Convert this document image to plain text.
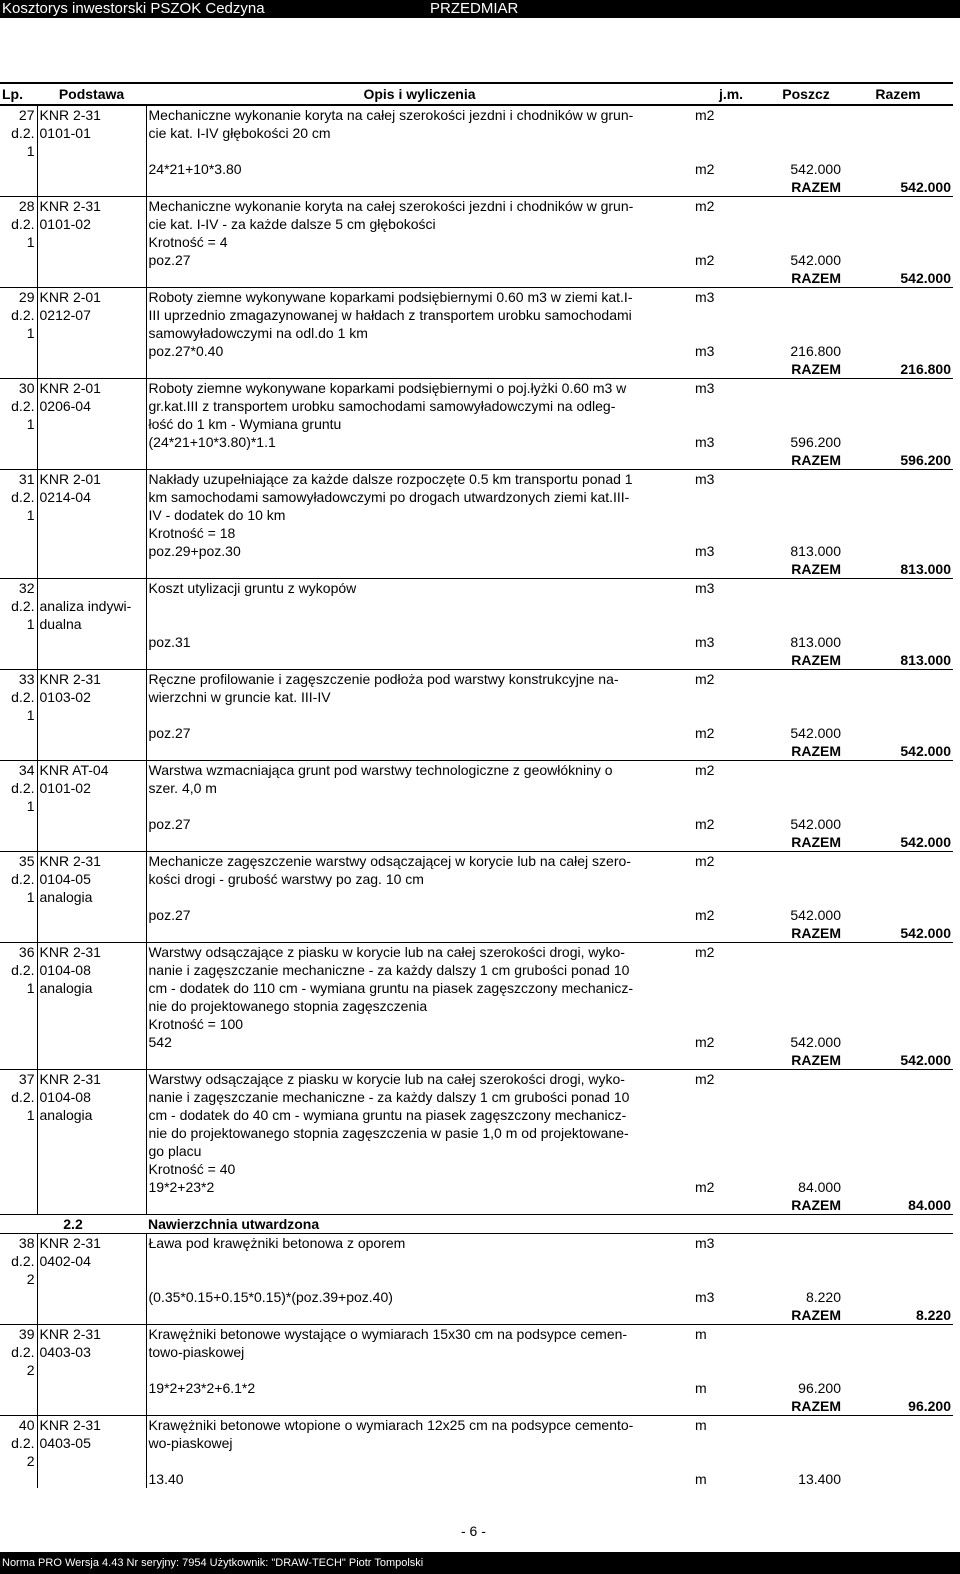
Kosztorys inwestorski PSZOK Cedzyna	PRZEDMIAR
Lp.	Podstawa	Opis i wyliczenia	j.m.	Poszcz	Razem
27	KNR 2-31	Mechaniczne wykonanie koryta na całej szerokości jezdni i chodników w grun-	m2		
d.2.	0101-01	cie kat. I-IV głębokości 20 cm			
1					
		24*21+10*3.80	m2	542.000	
				RAZEM	542.000
28	KNR 2-31	Mechaniczne wykonanie koryta na całej szerokości jezdni i chodników w grun-	m2		
d.2.	0101-02	cie kat. I-IV - za każde dalsze 5 cm głębokości			
1		Krotność = 4			
		poz.27	m2	542.000	
				RAZEM	542.000
29	KNR 2-01	Roboty ziemne wykonywane koparkami podsiębiernymi 0.60 m3 w ziemi kat.I-	m3		
d.2.	0212-07	III uprzednio zmagazynowanej w hałdach z transportem urobku samochodami			
1		samowyładowczymi na odl.do 1 km			
		poz.27*0.40	m3	216.800	
				RAZEM	216.800
30	KNR 2-01	Roboty ziemne wykonywane koparkami podsiębiernymi o poj.łyżki 0.60 m3 w	m3		
d.2.	0206-04	gr.kat.III z transportem urobku samochodami samowyładowczymi na odleg-			
1		łość do 1 km - Wymiana gruntu			
		(24*21+10*3.80)*1.1	m3	596.200	
				RAZEM	596.200
31	KNR 2-01	Nakłady uzupełniające za każde dalsze rozpoczęte 0.5 km transportu ponad 1	m3		
d.2.	0214-04	km samochodami samowyładowczymi po drogach utwardzonych ziemi kat.III-			
1		IV - dodatek do 10 km			
		Krotność = 18			
		poz.29+poz.30	m3	813.000	
				RAZEM	813.000
32		Koszt utylizacji gruntu z wykopów	m3		
d.2.	analiza indywi-				
1	dualna				
		poz.31	m3	813.000	
				RAZEM	813.000
33	KNR 2-31	Ręczne profilowanie i zagęszczenie podłoża pod warstwy konstrukcyjne na-	m2		
d.2.	0103-02	wierzchni w gruncie kat. III-IV			
1					
		poz.27	m2	542.000	
				RAZEM	542.000
34	KNR AT-04	Warstwa wzmacniająca grunt pod warstwy technologiczne z geowłókniny o	m2		
d.2.	0101-02	szer. 4,0 m			
1					
		poz.27	m2	542.000	
				RAZEM	542.000
35	KNR 2-31	Mechanicze zagęszczenie warstwy odsączającej w korycie lub na całej szero-	m2		
d.2.	0104-05	kości drogi - grubość warstwy po zag. 10 cm			
1	analogia				
		poz.27	m2	542.000	
				RAZEM	542.000
36	KNR 2-31	Warstwy odsączające z piasku w korycie lub na całej szerokości drogi, wyko-	m2		
d.2.	0104-08	nanie i zagęszczanie mechaniczne - za każdy dalszy 1 cm grubości ponad 10			
1	analogia	cm - dodatek do 110 cm - wymiana gruntu na piasek zagęszczony mechanicz-			
		nie do projektowanego stopnia zagęszczenia			
		Krotność = 100			
		542	m2	542.000	
				RAZEM	542.000
37	KNR 2-31	Warstwy odsączające z piasku w korycie lub na całej szerokości drogi, wyko-	m2		
d.2.	0104-08	nanie i zagęszczanie mechaniczne - za każdy dalszy 1 cm grubości ponad 10			
1	analogia	cm - dodatek do 40 cm - wymiana gruntu na piasek zagęszczony mechanicz-			
		nie do projektowanego stopnia zagęszczenia w pasie 1,0 m od projektowane-			
		go placu			
		Krotność = 40			
		19*2+23*2	m2	84.000	
				RAZEM	84.000
2.2		Nawierzchnia utwardzona			
38	KNR 2-31	Ława pod krawężniki betonowa z oporem	m3		
d.2.	0402-04				
2					
		(0.35*0.15+0.15*0.15)*(poz.39+poz.40)	m3	8.220	
				RAZEM	8.220
39	KNR 2-31	Krawężniki betonowe wystające o wymiarach 15x30 cm na podsypce cemen-	m		
d.2.	0403-03	towo-piaskowej			
2					
		19*2+23*2+6.1*2	m	96.200	
				RAZEM	96.200
40	KNR 2-31	Krawężniki betonowe wtopione o wymiarach 12x25 cm na podsypce cemento-	m		
d.2.	0403-05	wo-piaskowej			
2					
		13.40	m	13.400	
- 6 -
Norma PRO Wersja 4.43 Nr seryjny: 7954 Użytkownik: "DRAW-TECH" Piotr Tompolski
